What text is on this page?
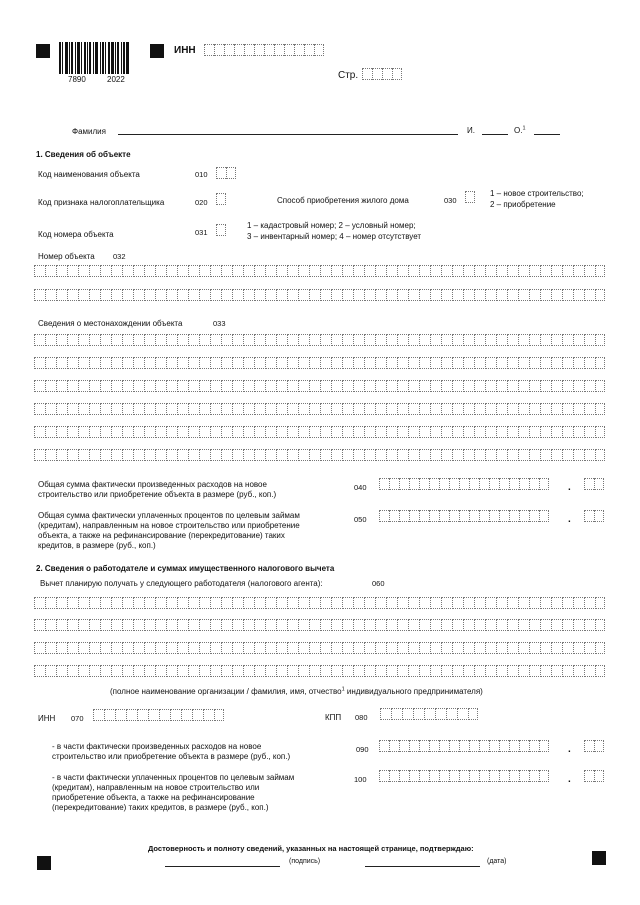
7890	2022
ИНН
Стр.
Фамилия	И.	О.$^1$
1. Сведения об объекте
Код наименования объекта	010
Код признака налогоплательщика	020	Способ приобретения жилого дома	030
1 – новое строительство;
2 – приобретение
Код номера объекта	031
1 – кадастровый номер; 2 – условный номер;
3 – инвентарный номер; 4 – номер отсутствует
Номер объекта 032
Сведения о местонахождении объекта	033
Общая сумма фактически произведенных расходов на новое
строительство или приобретение объекта в размере (руб., коп.)
040	.
Общая сумма фактически уплаченных процентов по целевым займам
(кредитам), направленным на новое строительство или приобретение
объекта, а также на рефинансирование (перекредитование) таких
кредитов, в размере (руб., коп.)
050	.
2. Сведения о работодателе и суммах имущественного налогового вычета
Вычет планирую получать у следующего работодателя (налогового агента):	060
(полное наименование организации / фамилия, имя, отчество$^1$ индивидуального предпринимателя)
ИНН 070	КПП 080
- в части фактически произведенных расходов на новое
строительство или приобретение объекта в размере (руб., коп.)
090	.
- в части фактически уплаченных процентов по целевым займам
(кредитам), направленным на новое строительство или
приобретение объекта, а также на рефинансирование
(перекредитование) таких кредитов, в размере (руб., коп.)
100	.
Достоверность и полноту сведений, указанных на настоящей странице, подтверждаю:
(подпись)	(дата)
